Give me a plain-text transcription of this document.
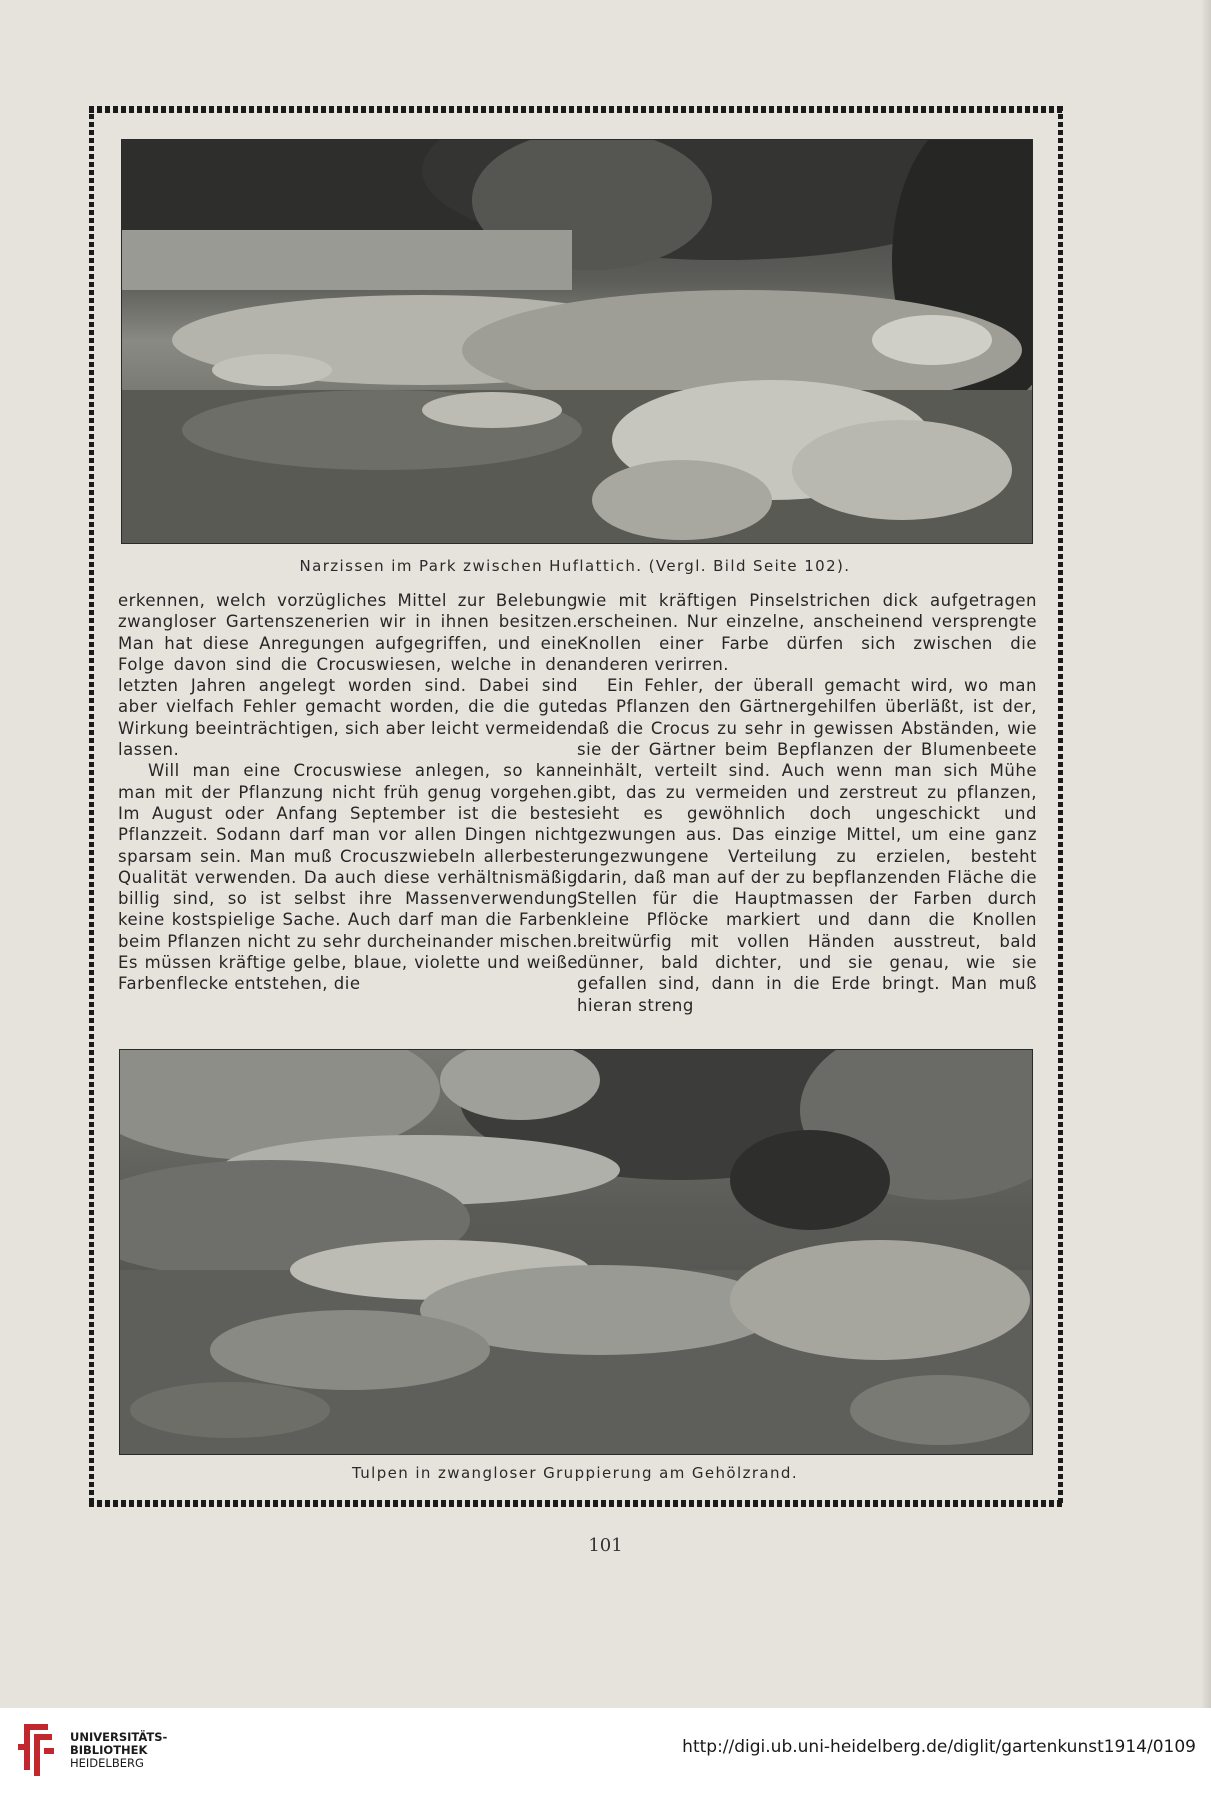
Narzissen im Park zwischen Huflattich. (Vergl. Bild Seite 102).

erkennen, welch vorzügliches Mittel zur Belebung zwangloser Gartenszenerien wir in ihnen besitzen. Man hat diese Anregungen aufgegriffen, und eine Folge davon sind die Crocuswiesen, welche in den letzten Jahren angelegt worden sind. Dabei sind aber vielfach Fehler gemacht worden, die die gute Wirkung beeinträchtigen, sich aber leicht vermeiden lassen.

Will man eine Crocuswiese anlegen, so kann man mit der Pflanzung nicht früh genug vorgehen. Im August oder Anfang September ist die beste Pflanzzeit. Sodann darf man vor allen Dingen nicht sparsam sein. Man muß Crocuszwiebeln allerbester Qualität verwenden. Da auch diese verhältnismäßig billig sind, so ist selbst ihre Massenverwendung keine kostspielige Sache. Auch darf man die Farben beim Pflanzen nicht zu sehr durcheinander mischen. Es müssen kräftige gelbe, blaue, violette und weiße Farbenflecke entstehen, die

wie mit kräftigen Pinselstrichen dick aufgetragen erscheinen. Nur einzelne, anscheinend versprengte Knollen einer Farbe dürfen sich zwischen die anderen verirren.

Ein Fehler, der überall gemacht wird, wo man das Pflanzen den Gärtnergehilfen überläßt, ist der, daß die Crocus zu sehr in gewissen Abständen, wie sie der Gärtner beim Bepflanzen der Blumenbeete einhält, verteilt sind. Auch wenn man sich Mühe gibt, das zu vermeiden und zerstreut zu pflanzen, sieht es gewöhnlich doch ungeschickt und gezwungen aus. Das einzige Mittel, um eine ganz ungezwungene Verteilung zu erzielen, besteht darin, daß man auf der zu bepflanzenden Fläche die Stellen für die Hauptmassen der Farben durch kleine Pflöcke markiert und dann die Knollen breitwürfig mit vollen Händen ausstreut, bald dünner, bald dichter, und sie genau, wie sie gefallen sind, dann in die Erde bringt. Man muß hieran streng

Tulpen in zwangloser Gruppierung am Gehölzrand.
101
UNIVERSITÄTS-
BIBLIOTHEK
HEIDELBERG
http://digi.ub.uni-heidelberg.de/diglit/gartenkunst1914/0109
